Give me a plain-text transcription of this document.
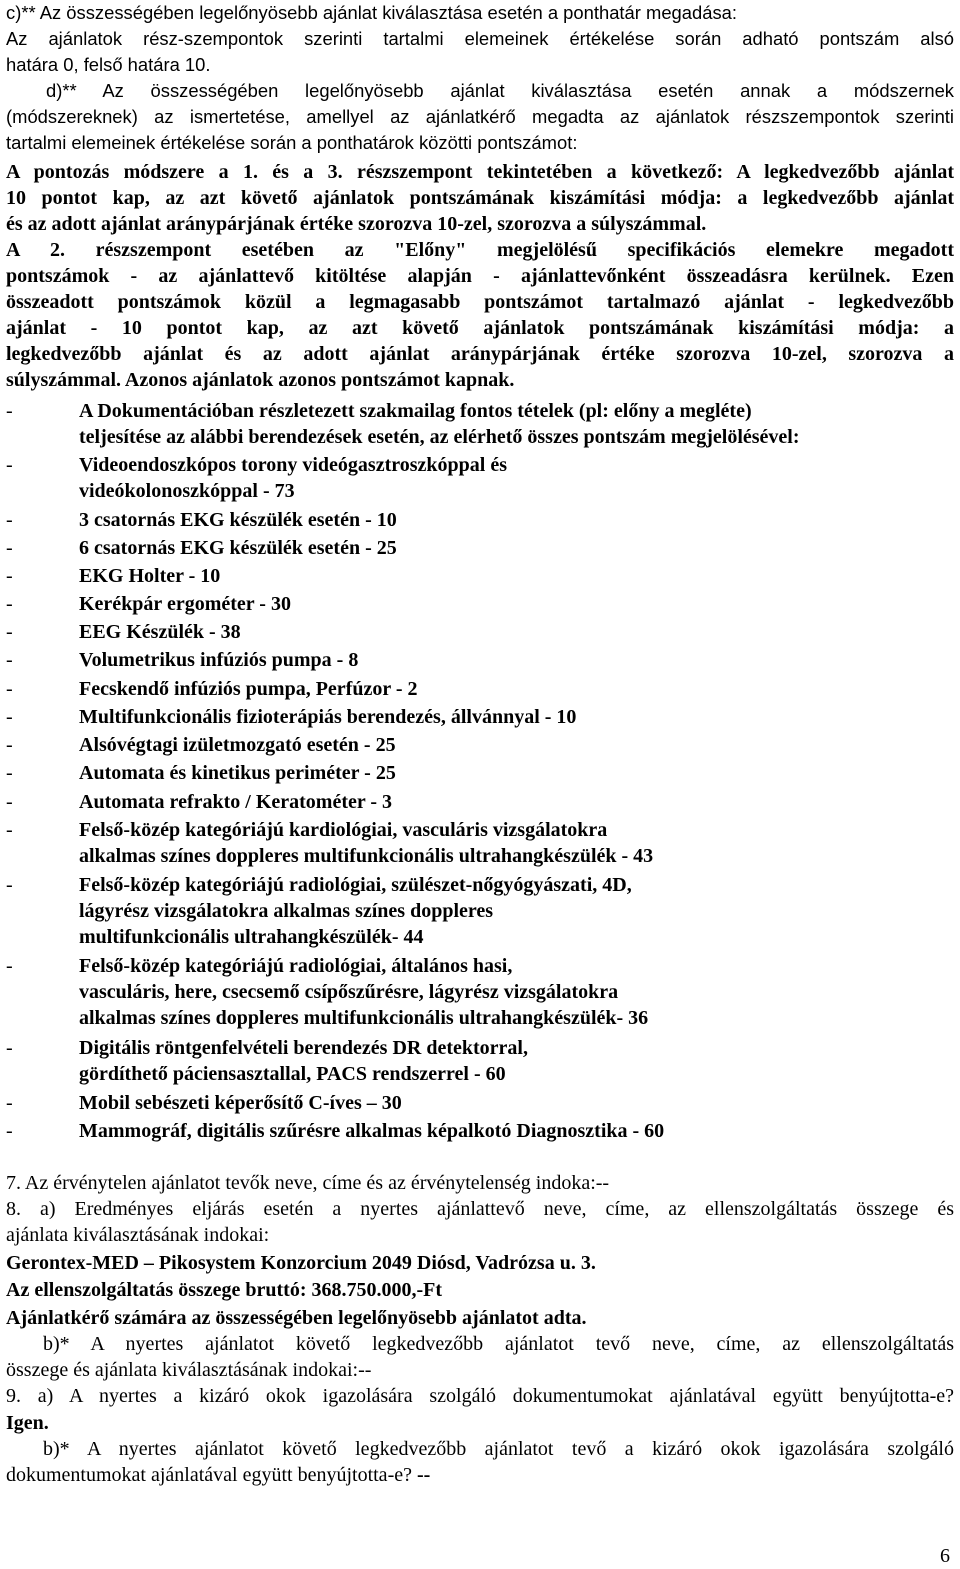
c)** Az összességében legelőnyösebb ajánlat kiválasztása esetén a ponthatár megadása:
Az ajánlatok rész-szempontok szerinti tartalmi elemeinek értékelése során adható pontszám alsó
határa 0, felső határa 10.
d)** Az összességében legelőnyösebb ajánlat kiválasztása esetén annak a módszernek
(módszereknek) az ismertetése, amellyel az ajánlatkérő megadta az ajánlatok részszempontok szerinti
tartalmi elemeinek értékelése során a ponthatárok közötti pontszámot:
A pontozás módszere a 1. és a 3. részszempont tekintetében a következő: A legkedvezőbb ajánlat
10 pontot kap, az azt követő ajánlatok pontszámának kiszámítási módja: a legkedvezőbb ajánlat
és az adott ajánlat aránypárjának értéke szorozva 10-zel, szorozva a súlyszámmal.
A 2. részszempont esetében az "Előny" megjelölésű specifikációs elemekre megadott
pontszámok - az ajánlattevő kitöltése alapján - ajánlattevőnként összeadásra kerülnek. Ezen
összeadott pontszámok közül a legmagasabb pontszámot tartalmazó ajánlat - legkedvezőbb
ajánlat - 10 pontot kap, az azt követő ajánlatok pontszámának kiszámítási módja: a
legkedvezőbb ajánlat és az adott ajánlat aránypárjának értéke szorozva 10-zel, szorozva a
súlyszámmal. Azonos ajánlatok azonos pontszámot kapnak.
-	A Dokumentációban részletezett szakmailag fontos tételek (pl: előny a megléte)
teljesítése az alábbi berendezések esetén, az elérhető összes pontszám megjelölésével:
-	Videoendoszkópos torony videógasztroszkóppal és
videókolonoszkóppal - 73
-	3 csatornás EKG készülék esetén - 10
-	6 csatornás EKG készülék esetén - 25
-	EKG Holter - 10
-	Kerékpár ergométer - 30
-	EEG Készülék - 38
-	Volumetrikus infúziós pumpa - 8
-	Fecskendő infúziós pumpa, Perfúzor - 2
-	Multifunkcionális fizioterápiás berendezés, állvánnyal - 10
-	Alsóvégtagi izületmozgató esetén - 25
-	Automata és kinetikus periméter - 25
-	Automata refrakto / Keratométer - 3
-	Felső-közép kategóriájú kardiológiai, vasculáris vizsgálatokra
alkalmas színes doppleres multifunkcionális ultrahangkészülék - 43
-	Felső-közép kategóriájú radiológiai, szülészet-nőgyógyászati, 4D,
lágyrész vizsgálatokra alkalmas színes doppleres
multifunkcionális ultrahangkészülék- 44
-	Felső-közép kategóriájú radiológiai, általános hasi,
vasculáris, here, csecsemő csípőszűrésre, lágyrész vizsgálatokra
alkalmas színes doppleres multifunkcionális ultrahangkészülék- 36
-	Digitális röntgenfelvételi berendezés DR detektorral,
gördíthető páciensasztallal, PACS rendszerrel - 60
-	Mobil sebészeti képerősítő C-íves – 30
-	Mammográf, digitális szűrésre alkalmas képalkotó Diagnosztika - 60
7. Az érvénytelen ajánlatot tevők neve, címe és az érvénytelenség indoka:--
8. a) Eredményes eljárás esetén a nyertes ajánlattevő neve, címe, az ellenszolgáltatás összege és
ajánlata kiválasztásának indokai:
Gerontex-MED – Pikosystem Konzorcium 2049 Diósd, Vadrózsa u. 3.
Az ellenszolgáltatás összege bruttó: 368.750.000,-Ft
Ajánlatkérő számára az összességében legelőnyösebb ajánlatot adta.
b)* A nyertes ajánlatot követő legkedvezőbb ajánlatot tevő neve, címe, az ellenszolgáltatás
összege és ajánlata kiválasztásának indokai:--
9. a) A nyertes a kizáró okok igazolására szolgáló dokumentumokat ajánlatával együtt benyújtotta-e?
Igen.
b)* A nyertes ajánlatot követő legkedvezőbb ajánlatot tevő a kizáró okok igazolására szolgáló
dokumentumokat ajánlatával együtt benyújtotta-e? --
6
